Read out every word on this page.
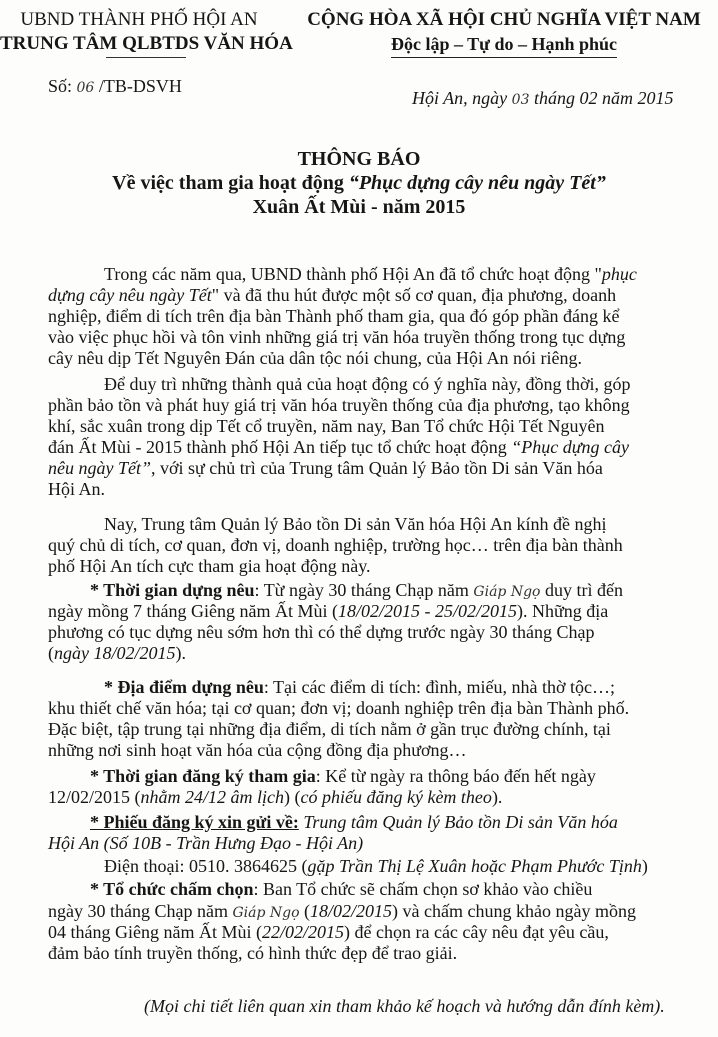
UBND THÀNH PHỐ HỘI AN
TRUNG TÂM QLBTDS VĂN HÓA
CỘNG HÒA XÃ HỘI CHỦ NGHĨA VIỆT NAM
Độc lập – Tự do – Hạnh phúc
Số: 06 /TB-DSVH
Hội An, ngày 03 tháng 02 năm 2015
THÔNG BÁO
Về việc tham gia hoạt động “Phục dựng cây nêu ngày Tết”
Xuân Ất Mùi - năm 2015

Trong các năm qua, UBND thành phố Hội An đã tổ chức hoạt động "phục

dựng cây nêu ngày Tết" và đã thu hút được một số cơ quan, địa phương, doanh

nghiệp, điểm di tích trên địa bàn Thành phố tham gia, qua đó góp phần đáng kể

vào việc phục hồi và tôn vinh những giá trị văn hóa truyền thống trong tục dựng

cây nêu dịp Tết Nguyên Đán của dân tộc nói chung, của Hội An nói riêng.

Để duy trì những thành quả của hoạt động có ý nghĩa này, đồng thời, góp

phần bảo tồn và phát huy giá trị văn hóa truyền thống của địa phương, tạo không

khí, sắc xuân trong dịp Tết cổ truyền, năm nay, Ban Tổ chức Hội Tết Nguyên

đán Ất Mùi - 2015 thành phố Hội An tiếp tục tổ chức hoạt động “Phục dựng cây

nêu ngày Tết”, với sự chủ trì của Trung tâm Quản lý Bảo tồn Di sản Văn hóa

Hội An.

Nay, Trung tâm Quản lý Bảo tồn Di sản Văn hóa Hội An kính đề nghị

quý chủ di tích, cơ quan, đơn vị, doanh nghiệp, trường học… trên địa bàn thành

phố Hội An tích cực tham gia hoạt động này.

* Thời gian dựng nêu: Từ ngày 30 tháng Chạp năm Giáp Ngọ duy trì đến

ngày mồng 7 tháng Giêng năm Ất Mùi (18/02/2015 - 25/02/2015). Những địa

phương có tục dựng nêu sớm hơn thì có thể dựng trước ngày 30 tháng Chạp

(ngày 18/02/2015).

* Địa điểm dựng nêu: Tại các điểm di tích: đình, miếu, nhà thờ tộc…;

khu thiết chế văn hóa; tại cơ quan; đơn vị; doanh nghiệp trên địa bàn Thành phố.

Đặc biệt, tập trung tại những địa điểm, di tích nằm ở gần trục đường chính, tại

những nơi sinh hoạt văn hóa của cộng đồng địa phương…

* Thời gian đăng ký tham gia: Kể từ ngày ra thông báo đến hết ngày

12/02/2015 (nhằm 24/12 âm lịch) (có phiếu đăng ký kèm theo).

* Phiếu đăng ký xin gửi về: Trung tâm Quản lý Bảo tồn Di sản Văn hóa

Hội An (Số 10B - Trần Hưng Đạo - Hội An)

Điện thoại: 0510. 3864625 (gặp Trần Thị Lệ Xuân hoặc Phạm Phước Tịnh)

* Tổ chức chấm chọn: Ban Tổ chức sẽ chấm chọn sơ khảo vào chiều

ngày 30 tháng Chạp năm Giáp Ngọ (18/02/2015) và chấm chung khảo ngày mồng

04 tháng Giêng năm Ất Mùi (22/02/2015) để chọn ra các cây nêu đạt yêu cầu,

đảm bảo tính truyền thống, có hình thức đẹp để trao giải.

(Mọi chi tiết liên quan xin tham khảo kế hoạch và hướng dẫn đính kèm).
